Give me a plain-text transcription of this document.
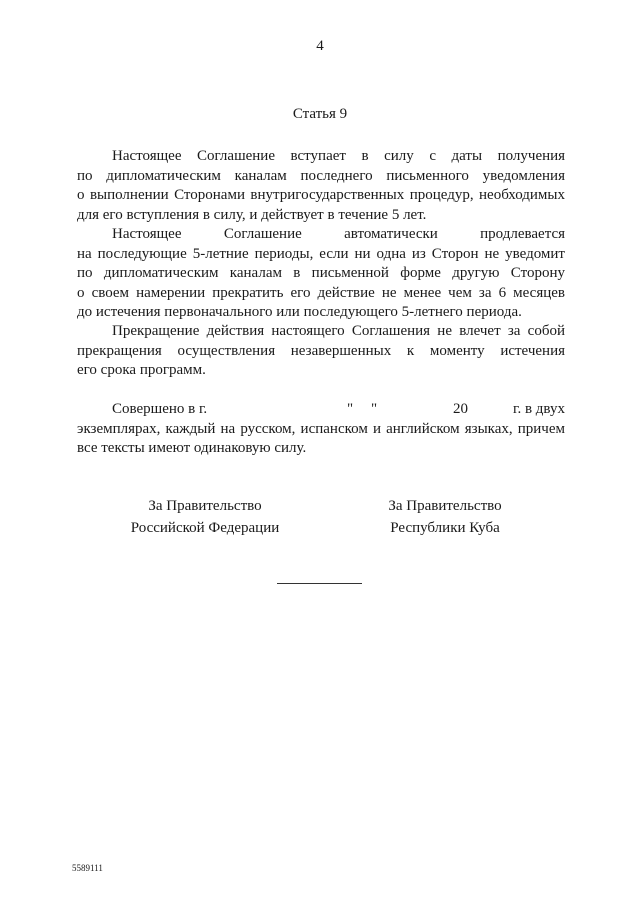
4
Статья 9
Настоящее Соглашение вступает в силу с даты получения
по дипломатическим каналам последнего письменного уведомления
о выполнении Сторонами внутригосударственных процедур, необходимых
для его вступления в силу, и действует в течение 5 лет.
Настоящее	Соглашение	автоматически	продлевается
на последующие 5-летние периоды, если ни одна из Сторон не уведомит
по дипломатическим каналам в письменной форме другую Сторону
о своем намерении прекратить его действие не менее чем за 6 месяцев
до истечения первоначального или последующего 5-летнего периода.
Прекращение действия настоящего Соглашения не влечет за собой
прекращения осуществления незавершенных к моменту истечения
его срока программ.
Совершено в г.	" "	20	г. в двух
экземплярах, каждый на русском, испанском и английском языках, причем
все тексты имеют одинаковую силу.
За Правительство
Российской Федерации
За Правительство
Республики Куба
5589111
